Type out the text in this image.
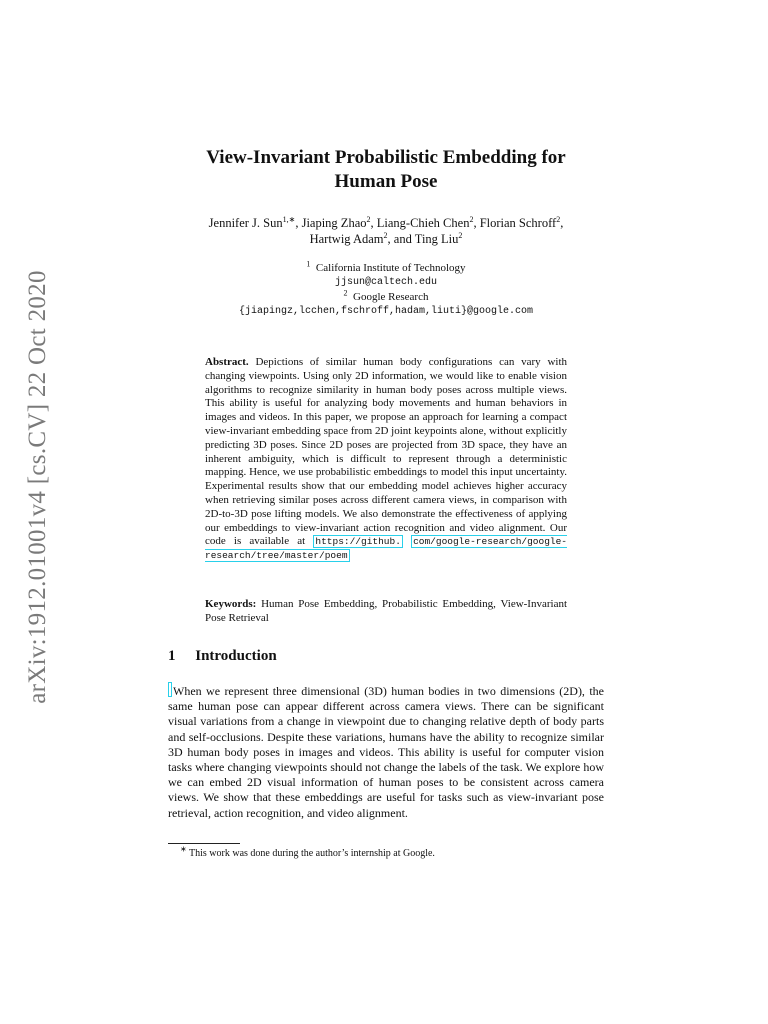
arXiv:1912.01001v4 [cs.CV] 22 Oct 2020
View-Invariant Probabilistic Embedding for
Human Pose
Jennifer J. Sun$^{1,∗}$, Jiaping Zhao$^2$, Liang-Chieh Chen$^2$, Florian Schroff$^2$,
Hartwig Adam$^2$, and Ting Liu$^2$
$^1$ California Institute of Technology
jjsun@caltech.edu
$^2$ Google Research
{jiapingz,lcchen,fschroff,hadam,liuti}@google.com
Abstract. Depictions of similar human body configurations can vary with changing viewpoints. Using only 2D information, we would like to enable vision algorithms to recognize similarity in human body poses across multiple views. This ability is useful for analyzing body movements and human behaviors in images and videos. In this paper, we propose an approach for learning a compact view-invariant embedding space from 2D joint keypoints alone, without explicitly predicting 3D poses. Since 2D poses are projected from 3D space, they have an inherent ambiguity, which is difficult to represent through a deterministic mapping. Hence, we use probabilistic embeddings to model this input uncertainty. Experimental results show that our embedding model achieves higher accuracy when retrieving similar poses across different camera views, in comparison with 2D-to-3D pose lifting models. We also demonstrate the effectiveness of applying our embeddings to view-invariant action recognition and video alignment. Our code is available at https://github. com/google-research/google-research/tree/master/poem
Keywords: Human Pose Embedding, Probabilistic Embedding, View-Invariant Pose Retrieval
1 Introduction
When we represent three dimensional (3D) human bodies in two dimensions (2D), the same human pose can appear different across camera views. There can be significant visual variations from a change in viewpoint due to changing relative depth of body parts and self-occlusions. Despite these variations, humans have the ability to recognize similar 3D human body poses in images and videos. This ability is useful for computer vision tasks where changing viewpoints should not change the labels of the task. We explore how we can embed 2D visual information of human poses to be consistent across camera views. We show that these embeddings are useful for tasks such as view-invariant pose retrieval, action recognition, and video alignment.
∗ This work was done during the author’s internship at Google.
